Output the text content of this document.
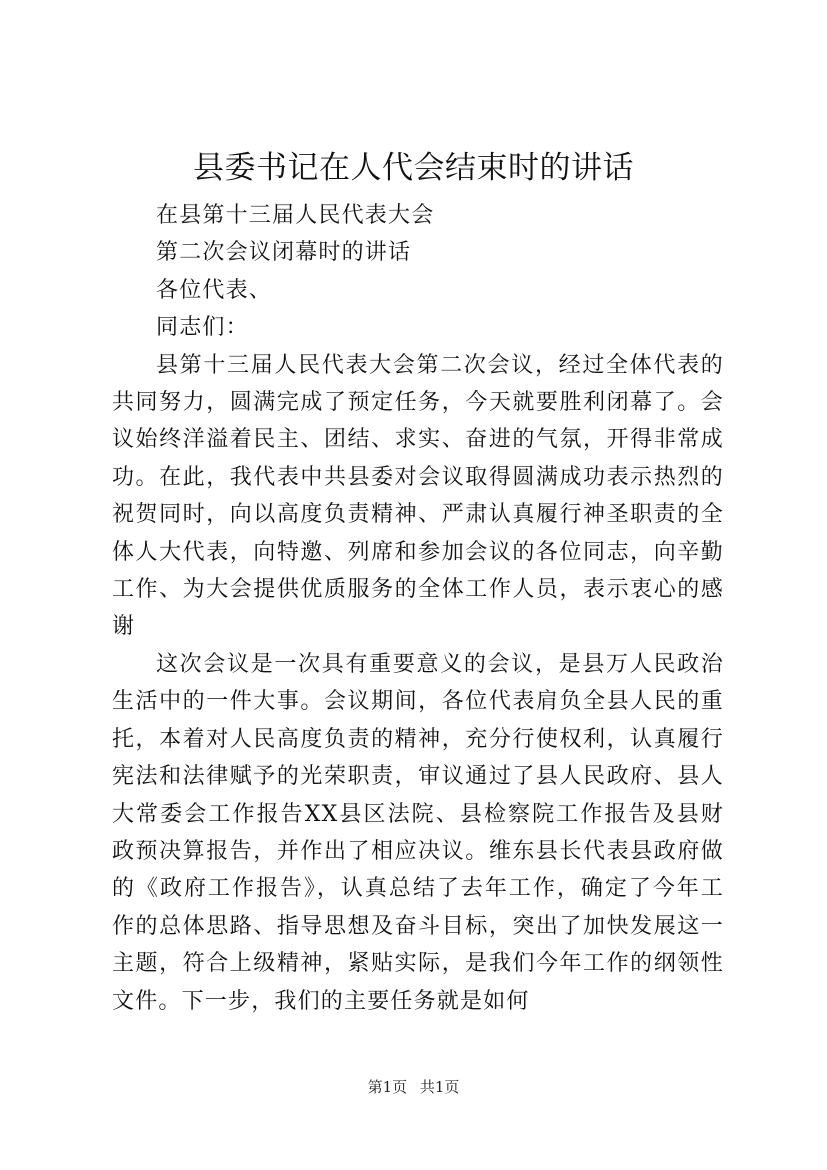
县委书记在人代会结束时的讲话

在县第十三届人民代表大会

第二次会议闭幕时的讲话

各位代表、

同志们：

县第十三届人民代表大会第二次会议，经过全体代表的共同努力，圆满完成了预定任务，今天就要胜利闭幕了。会议始终洋溢着民主、团结、求实、奋进的气氛，开得非常成功。在此，我代表中共县委对会议取得圆满成功表示热烈的祝贺同时，向以高度负责精神、严肃认真履行神圣职责的全体人大代表，向特邀、列席和参加会议的各位同志，向辛勤工作、为大会提供优质服务的全体工作人员，表示衷心的感谢

这次会议是一次具有重要意义的会议，是县万人民政治生活中的一件大事。会议期间，各位代表肩负全县人民的重托，本着对人民高度负责的精神，充分行使权利，认真履行宪法和法律赋予的光荣职责，审议通过了县人民政府、县人大常委会工作报告XX县区法院、县检察院工作报告及县财政预决算报告，并作出了相应决议。维东县长代表县政府做的《政府工作报告》，认真总结了去年工作，确定了今年工作的总体思路、指导思想及奋斗目标，突出了加快发展这一主题，符合上级精神，紧贴实际，是我们今年工作的纲领性文件。下一步，我们的主要任务就是如何

第1页 共1页
